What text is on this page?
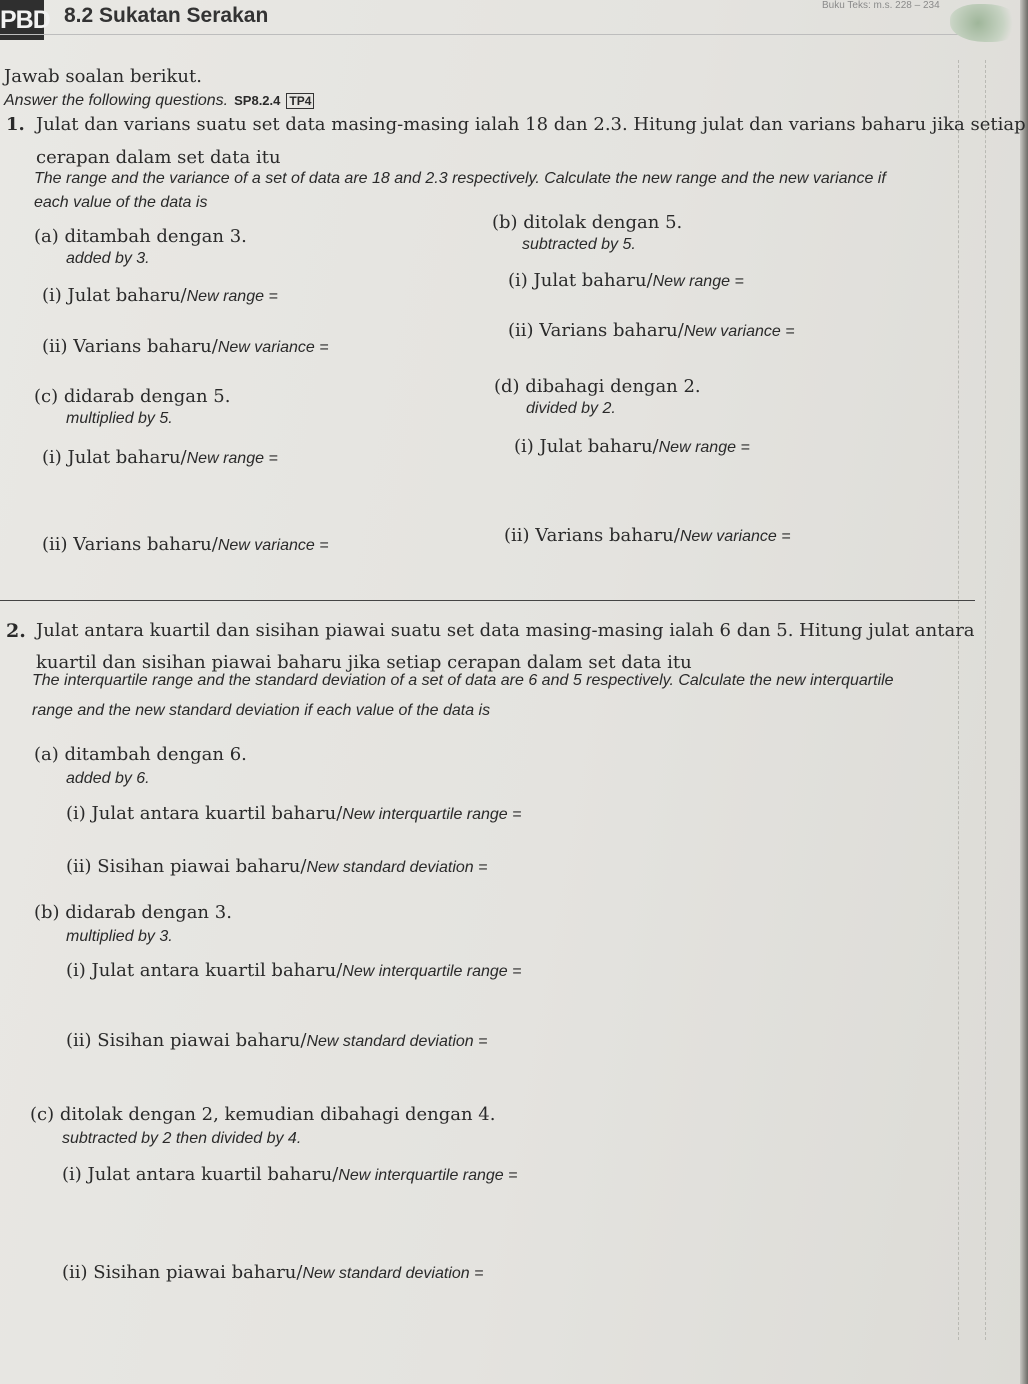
PBD 8.2 Sukatan Serakan	Buku Teks: m.s. 228 – 234
Jawab soalan berikut.
Answer the following questions. SP8.2.4 TP4
1. Julat dan varians suatu set data masing-masing ialah 18 dan 2.3. Hitung julat dan varians baharu jika setiap
cerapan dalam set data itu
The range and the variance of a set of data are 18 and 2.3 respectively. Calculate the new range and the new variance if
each value of the data is
(a) ditambah dengan 3.
added by 3.
(i) Julat baharu/New range =
(ii) Varians baharu/New variance =
(b) ditolak dengan 5.
subtracted by 5.
(i) Julat baharu/New range =
(ii) Varians baharu/New variance =
(c) didarab dengan 5.
multiplied by 5.
(i) Julat baharu/New range =
(ii) Varians baharu/New variance =
(d) dibahagi dengan 2.
divided by 2.
(i) Julat baharu/New range =
(ii) Varians baharu/New variance =
2. Julat antara kuartil dan sisihan piawai suatu set data masing-masing ialah 6 dan 5. Hitung julat antara
kuartil dan sisihan piawai baharu jika setiap cerapan dalam set data itu
The interquartile range and the standard deviation of a set of data are 6 and 5 respectively. Calculate the new interquartile
range and the new standard deviation if each value of the data is
(a) ditambah dengan 6.
added by 6.
(i) Julat antara kuartil baharu/New interquartile range =
(ii) Sisihan piawai baharu/New standard deviation =
(b) didarab dengan 3.
multiplied by 3.
(i) Julat antara kuartil baharu/New interquartile range =
(ii) Sisihan piawai baharu/New standard deviation =
(c) ditolak dengan 2, kemudian dibahagi dengan 4.
subtracted by 2 then divided by 4.
(i) Julat antara kuartil baharu/New interquartile range =
(ii) Sisihan piawai baharu/New standard deviation =
